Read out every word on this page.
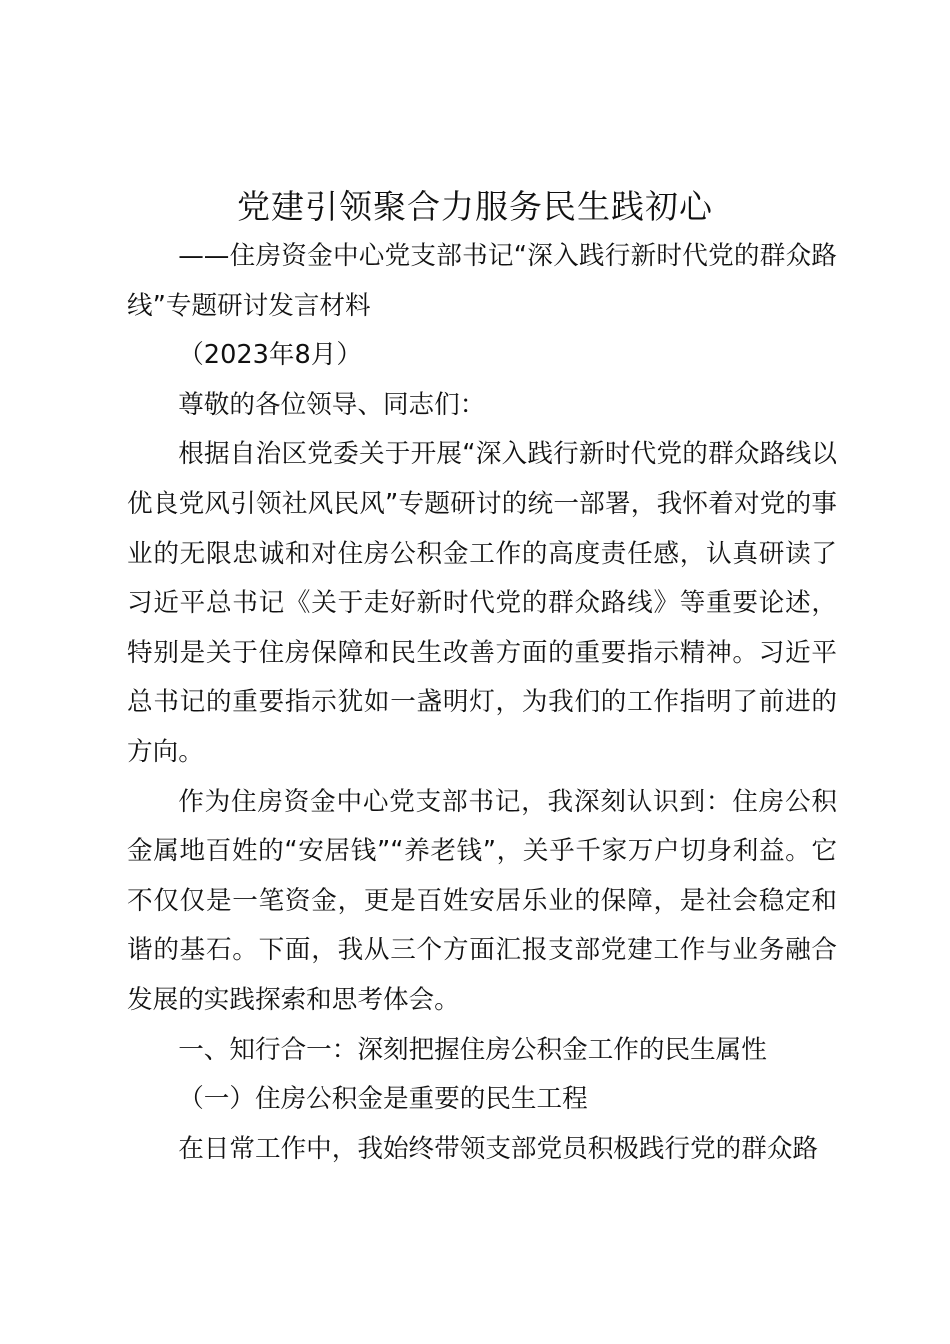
党建引领聚合力服务民生践初心

——住房资金中心党支部书记“深入践行新时代党的群众路线”专题研讨发言材料

（2023年8月）

尊敬的各位领导、同志们：

根据自治区党委关于开展“深入践行新时代党的群众路线以优良党风引领社风民风”专题研讨的统一部署，我怀着对党的事业的无限忠诚和对住房公积金工作的高度责任感，认真研读了习近平总书记《关于走好新时代党的群众路线》等重要论述，特别是关于住房保障和民生改善方面的重要指示精神。习近平总书记的重要指示犹如一盏明灯，为我们的工作指明了前进的方向。

作为住房资金中心党支部书记，我深刻认识到：住房公积金属地百姓的“安居钱”“养老钱”，关乎千家万户切身利益。它不仅仅是一笔资金，更是百姓安居乐业的保障，是社会稳定和谐的基石。下面，我从三个方面汇报支部党建工作与业务融合发展的实践探索和思考体会。

一、知行合一：深刻把握住房公积金工作的民生属性

（一）住房公积金是重要的民生工程

在日常工作中，我始终带领支部党员积极践行党的群众路
